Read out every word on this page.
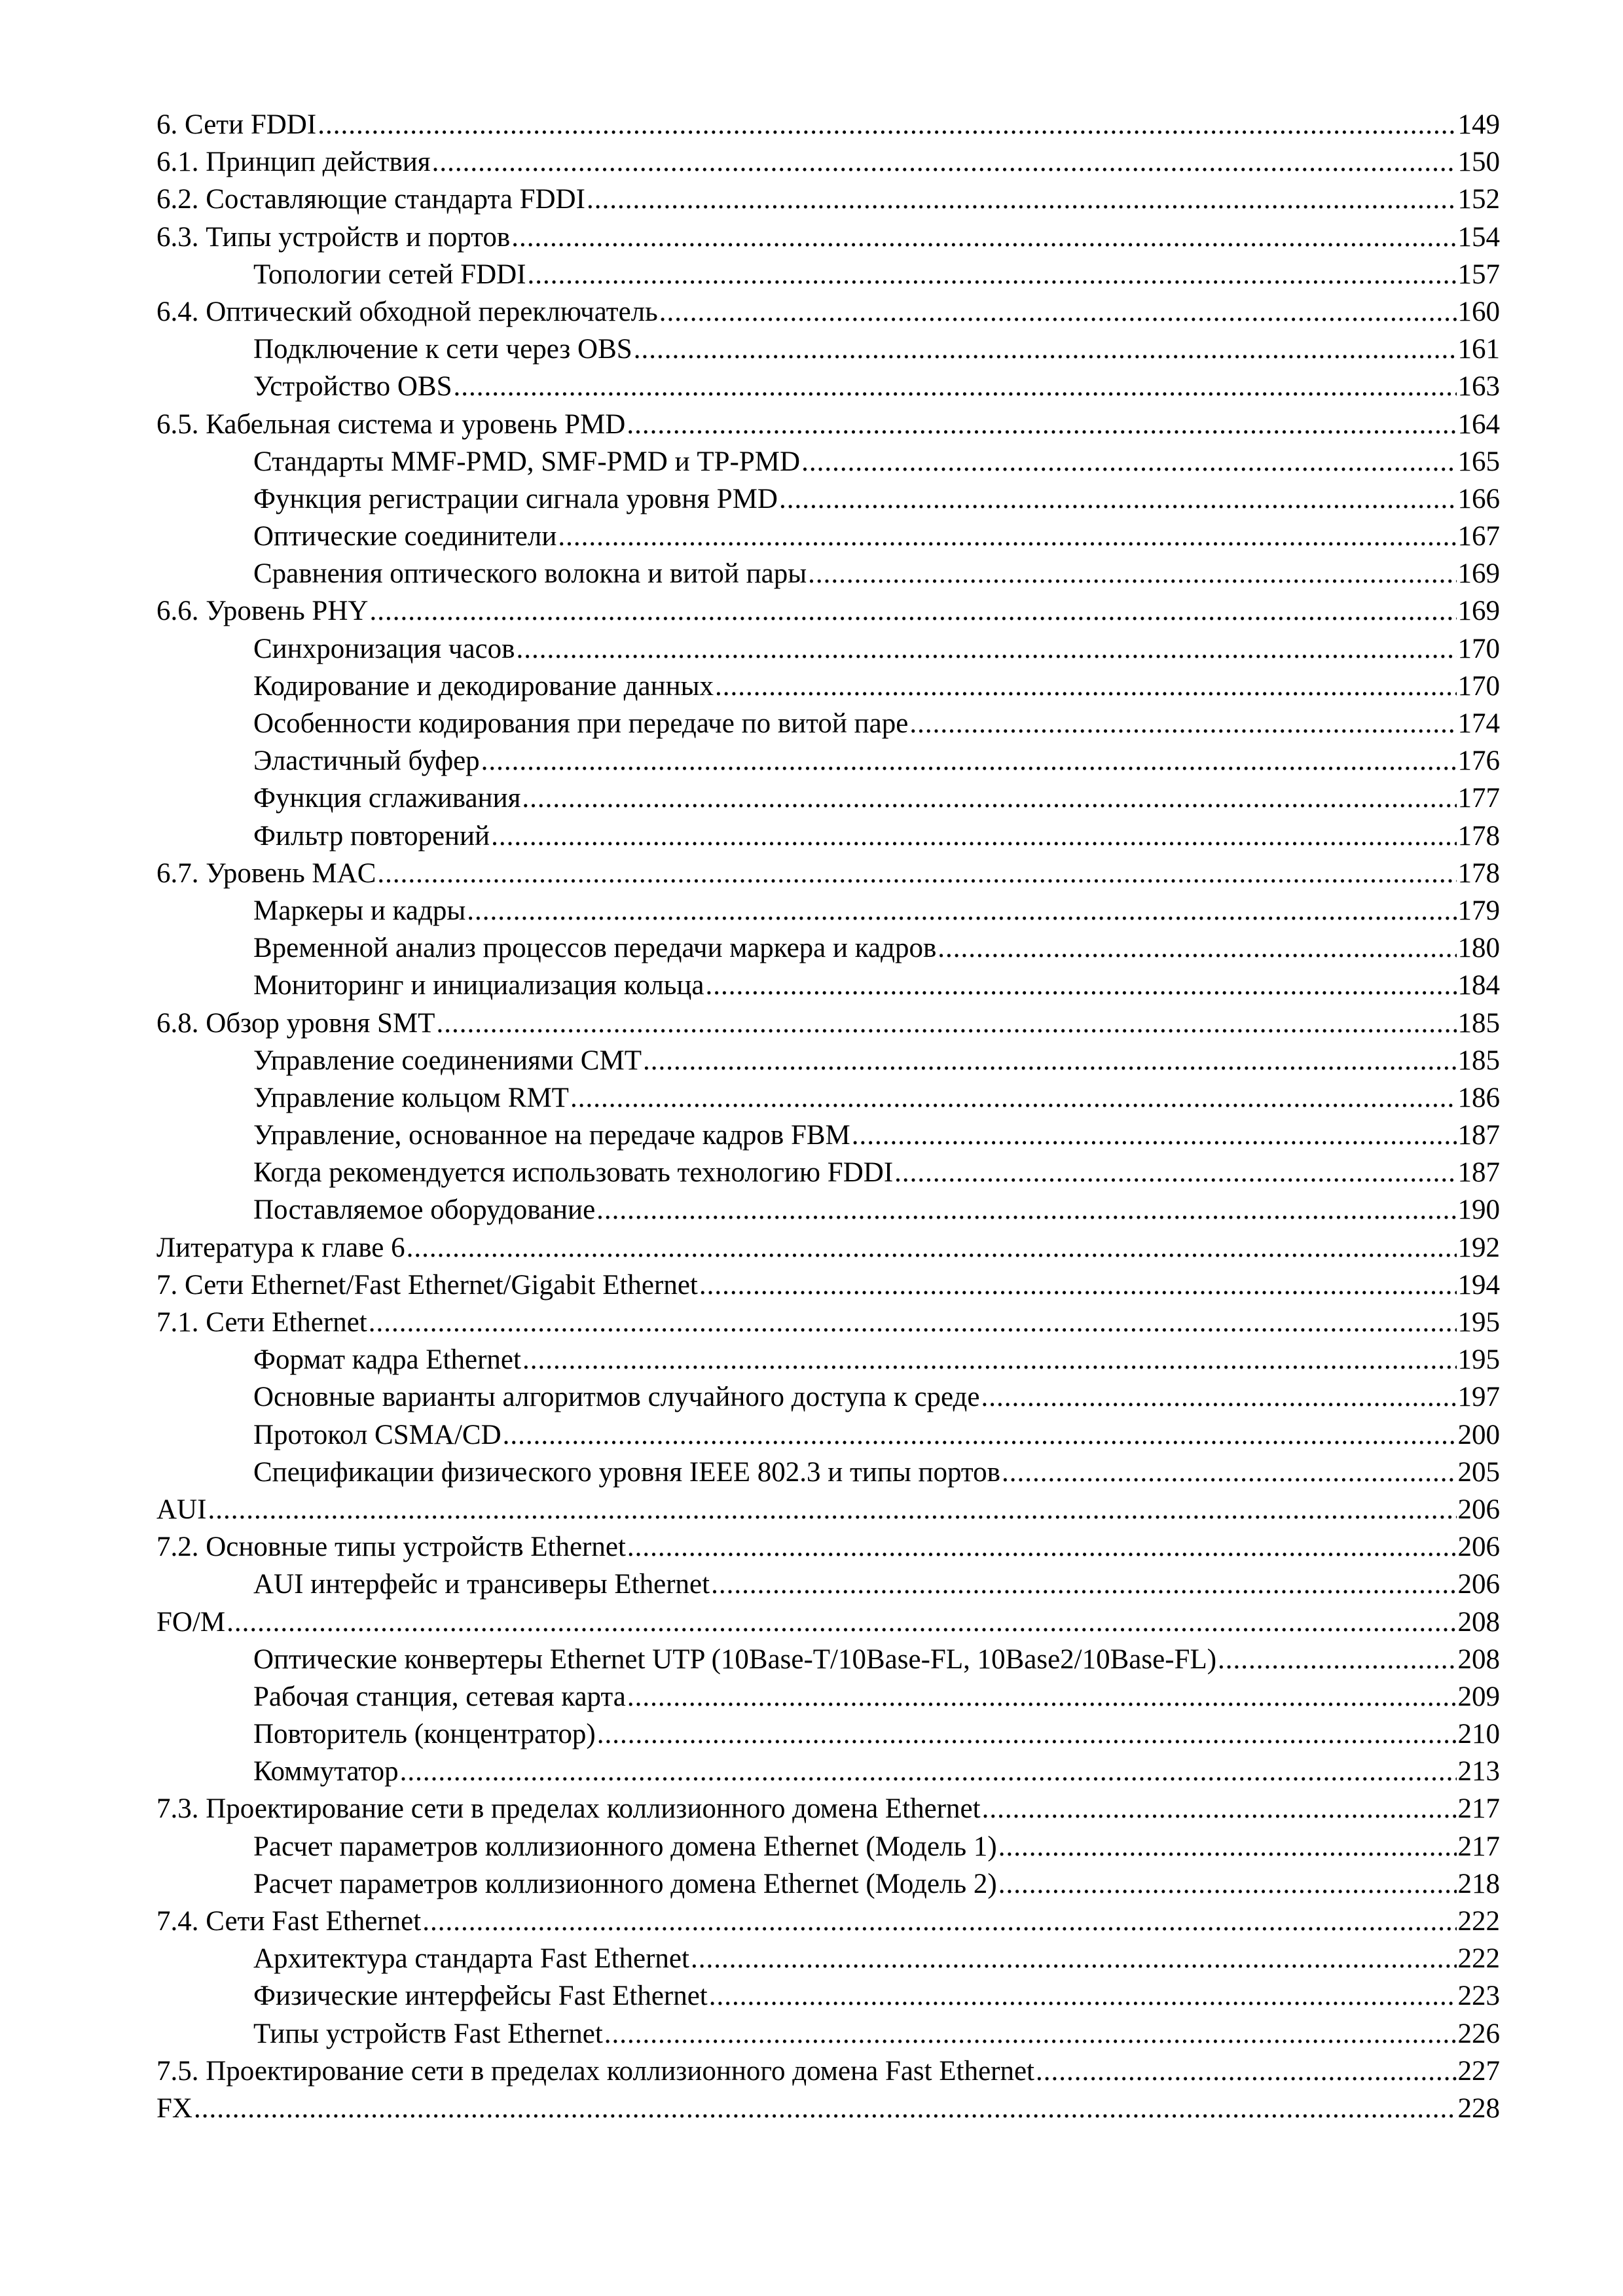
6. Сети FDDI .....	149
6.1. Принцип действия .....	150
6.2. Составляющие стандарта FDDI .....	152
6.3. Типы устройств и портов .....	154
Топологии сетей FDDI .....	157
6.4. Оптический обходной переключатель .....	160
Подключение к сети через OBS .....	161
Устройство OBS .....	163
6.5. Кабельная система и уровень PMD .....	164
Стандарты MMF-PMD, SMF-PMD и TP-PMD .....	165
Функция регистрации сигнала уровня PMD .....	166
Оптические соединители .....	167
Сравнения оптического волокна и витой пары .....	169
6.6. Уровень PHY .....	169
Синхронизация часов .....	170
Кодирование и декодирование данных .....	170
Особенности кодирования при передаче по витой паре .....	174
Эластичный буфер .....	176
Функция сглаживания .....	177
Фильтр повторений .....	178
6.7. Уровень MAC .....	178
Маркеры и кадры .....	179
Временной анализ процессов передачи маркера и кадров .....	180
Мониторинг и инициализация кольца .....	184
6.8. Обзор уровня SMT .....	185
Управление соединениями CMT .....	185
Управление кольцом RMT .....	186
Управление, основанное на передаче кадров FBM .....	187
Когда рекомендуется использовать технологию FDDI .....	187
Поставляемое оборудование .....	190
Литература к главе 6 .....	192
7. Сети Ethernet/Fast Ethernet/Gigabit Ethernet .....	194
7.1. Сети Ethernet .....	195
Формат кадра Ethernet .....	195
Основные варианты алгоритмов случайного доступа к среде .....	197
Протокол CSMA/CD .....	200
Спецификации физического уровня IEEE 802.3 и типы портов .....	205
AUI .....	206
7.2. Основные типы устройств Ethernet .....	206
AUI интерфейс и трансиверы Ethernet .....	206
FO/M .....	208
Оптические конвертеры Ethernet UTP (10Base-T/10Base-FL, 10Base2/10Base-FL) .....	208
Рабочая станция, сетевая карта .....	209
Повторитель (концентратор) .....	210
Коммутатор .....	213
7.3. Проектирование сети в пределах коллизионного домена Ethernet .....	217
Расчет параметров коллизионного домена Ethernet (Модель 1) .....	217
Расчет параметров коллизионного домена Ethernet (Модель 2) .....	218
7.4. Сети Fast Ethernet .....	222
Архитектура стандарта Fast Ethernet .....	222
Физические интерфейсы Fast Ethernet .....	223
Типы устройств Fast Ethernet .....	226
7.5. Проектирование сети в пределах коллизионного домена Fast Ethernet .....	227
FX .....	228
